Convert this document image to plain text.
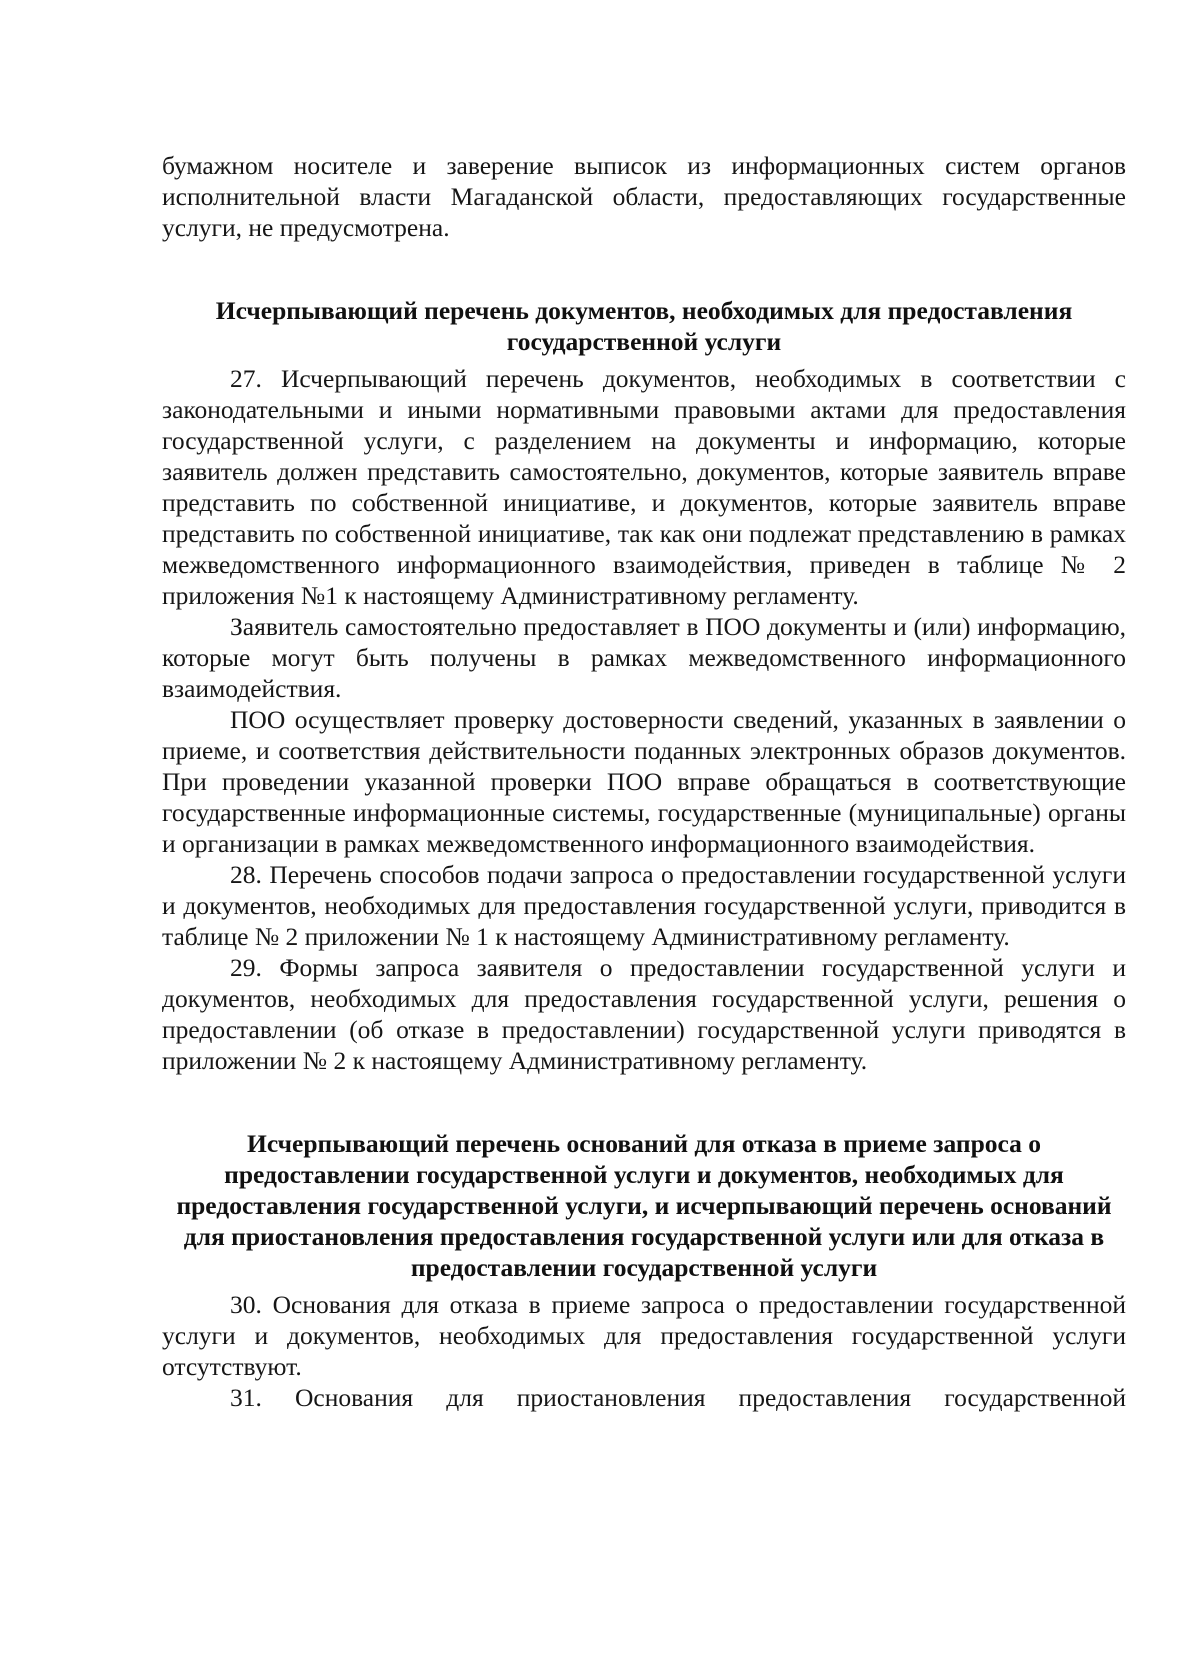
бумажном носителе и заверение выписок из информационных систем органов исполнительной власти Магаданской области, предоставляющих государственные услуги, не предусмотрена.

Исчерпывающий перечень документов, необходимых для предоставления государственной услуги

27. Исчерпывающий перечень документов, необходимых в соответствии с законодательными и иными нормативными правовыми актами для предоставления государственной услуги, с разделением на документы и информацию, которые заявитель должен представить самостоятельно, документов, которые заявитель вправе представить по собственной инициативе, и документов, которые заявитель вправе представить по собственной инициативе, так как они подлежат представлению в рамках межведомственного информационного взаимодействия, приведен в таблице № 2 приложения №1 к настоящему Административному регламенту.

Заявитель самостоятельно предоставляет в ПОО документы и (или) информацию, которые могут быть получены в рамках межведомственного информационного взаимодействия.

ПОО осуществляет проверку достоверности сведений, указанных в заявлении о приеме, и соответствия действительности поданных электронных образов документов. При проведении указанной проверки ПОО вправе обращаться в соответствующие государственные информационные системы, государственные (муниципальные) органы и организации в рамках межведомственного информационного взаимодействия.

28. Перечень способов подачи запроса о предоставлении государственной услуги и документов, необходимых для предоставления государственной услуги, приводится в таблице № 2 приложении № 1 к настоящему Административному регламенту.

29. Формы запроса заявителя о предоставлении государственной услуги и документов, необходимых для предоставления государственной услуги, решения о предоставлении (об отказе в предоставлении) государственной услуги приводятся в приложении № 2 к настоящему Административному регламенту.

Исчерпывающий перечень оснований для отказа в приеме запроса о предоставлении государственной услуги и документов, необходимых для предоставления государственной услуги, и исчерпывающий перечень оснований для приостановления предоставления государственной услуги или для отказа в предоставлении государственной услуги

30. Основания для отказа в приеме запроса о предоставлении государственной услуги и документов, необходимых для предоставления государственной услуги отсутствуют.

31. Основания для приостановления предоставления государственной
